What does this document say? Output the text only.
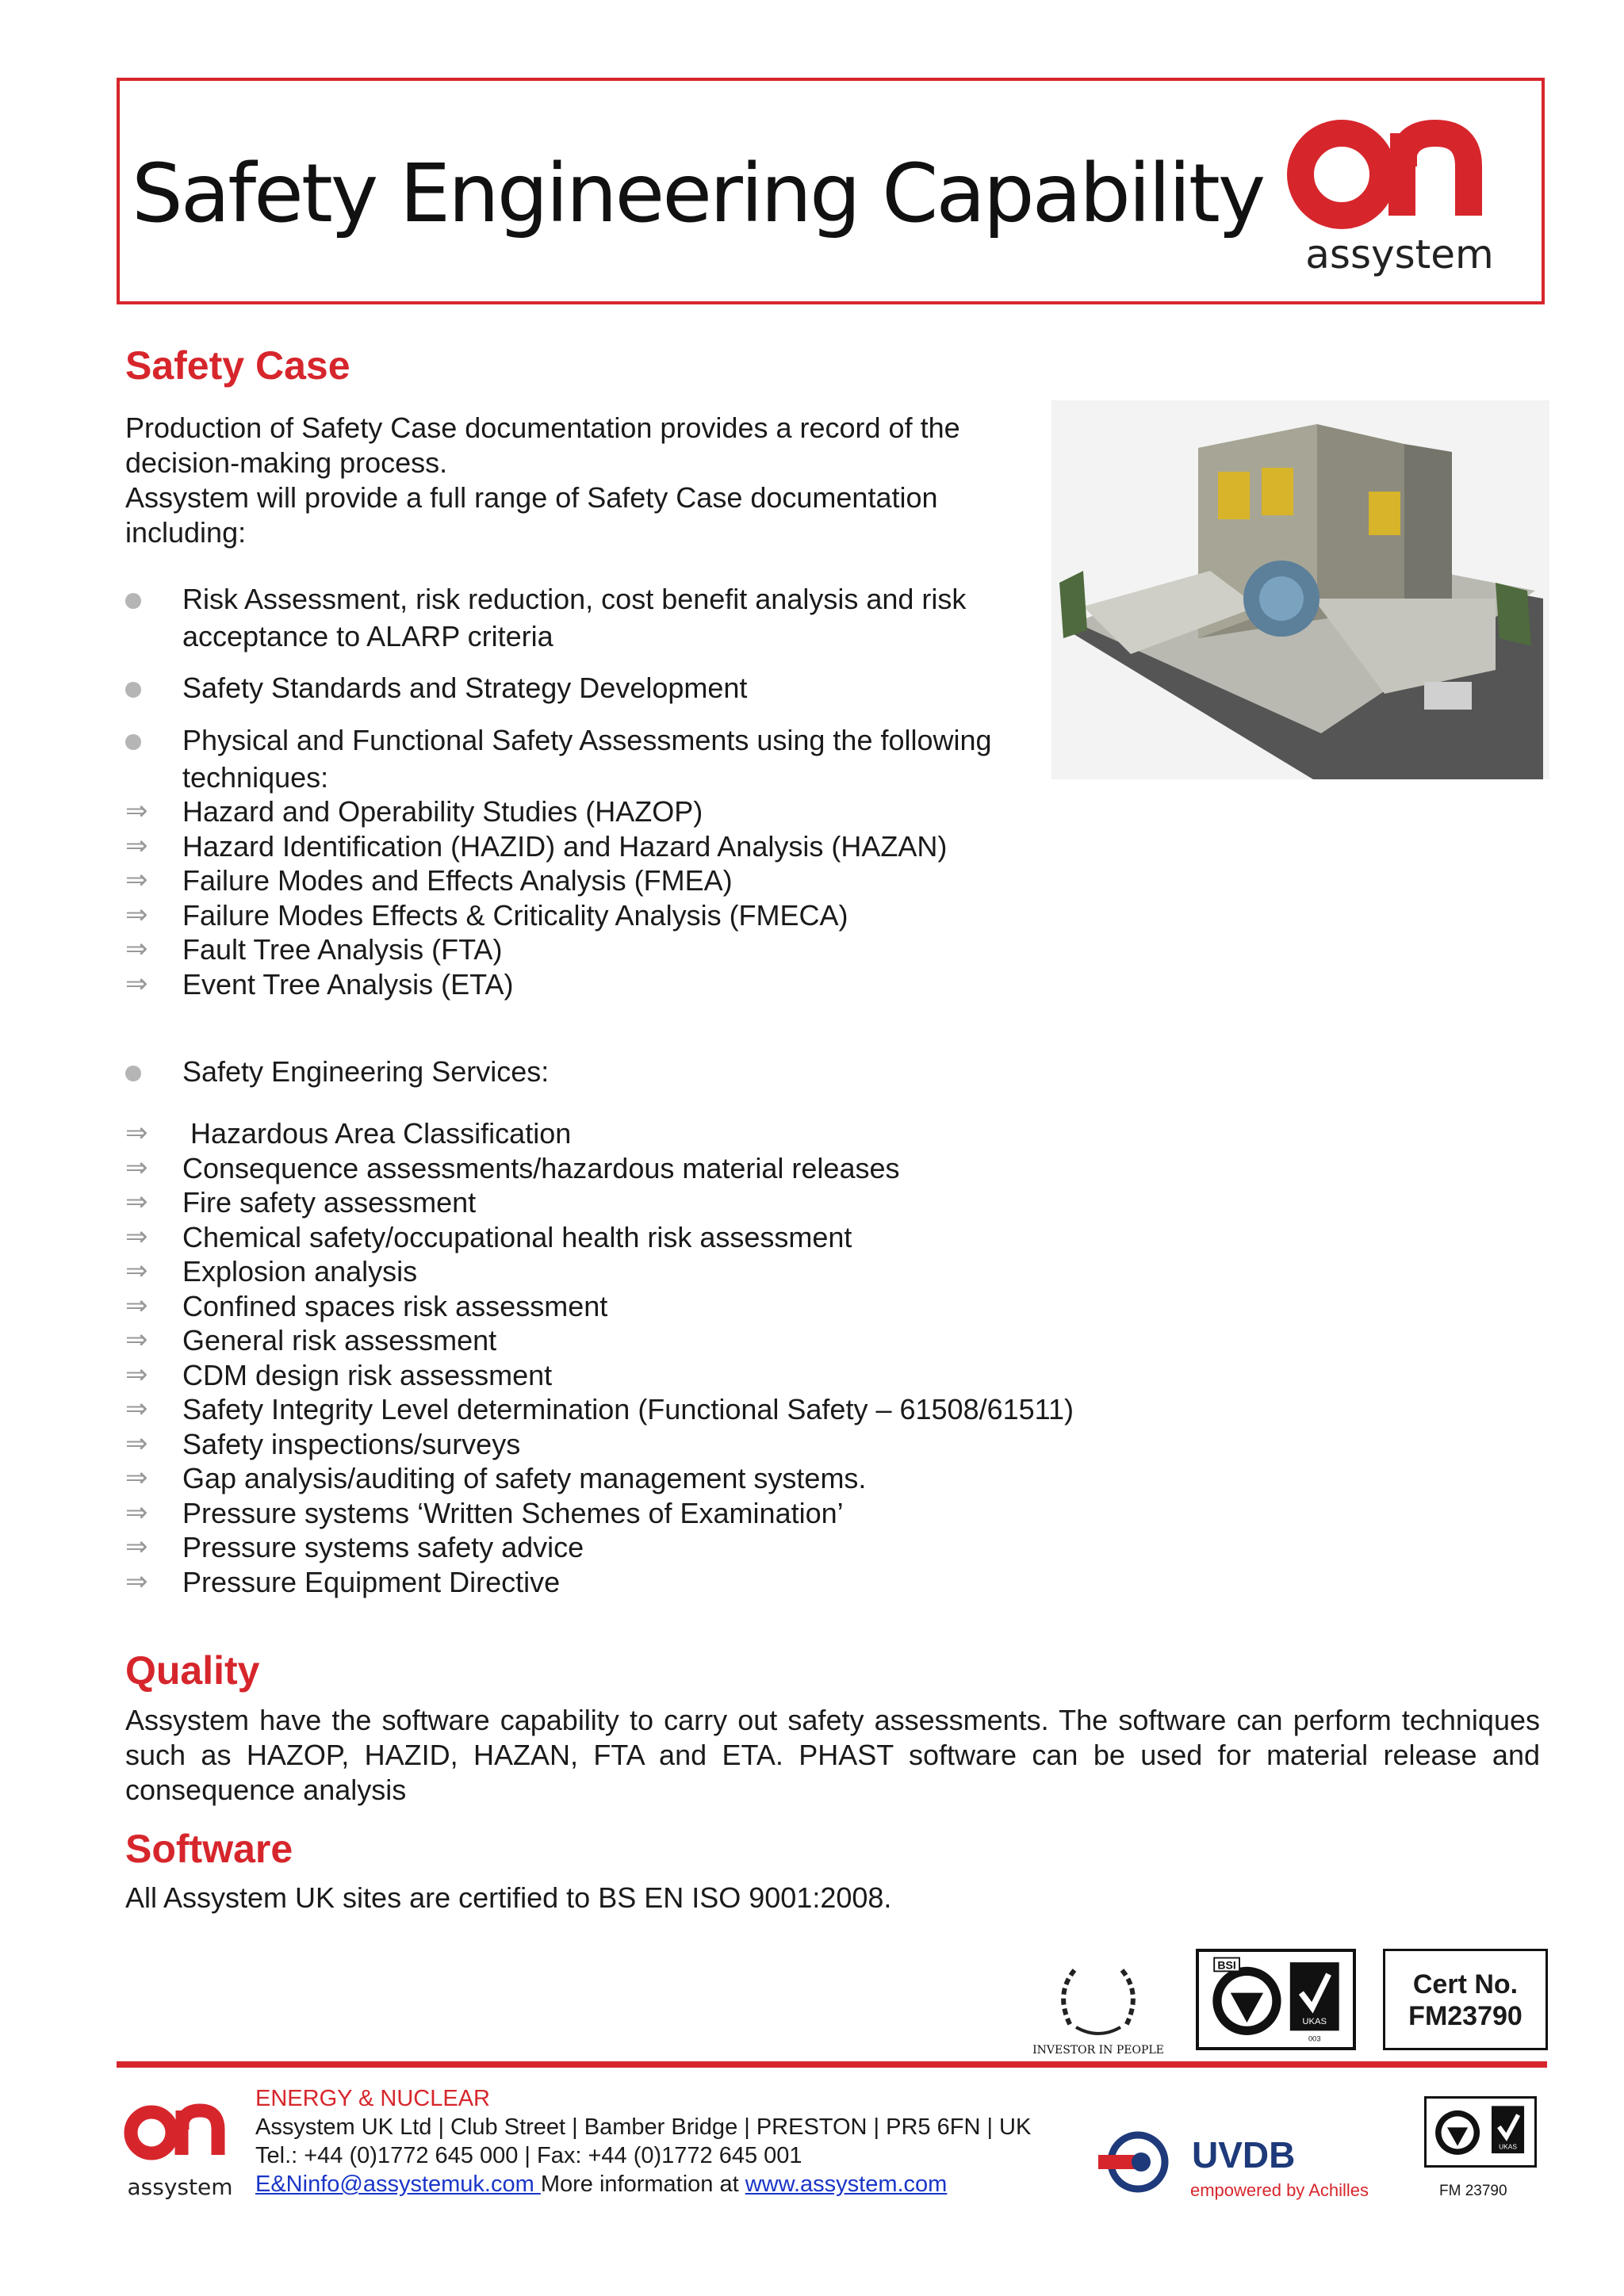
Safety Engineering Capability
assystem
Safety Case
Production of Safety Case documentation provides a record of the
decision-making process.
Assystem will provide a full range of Safety Case documentation
including:
Risk Assessment, risk reduction, cost benefit analysis and risk
acceptance to ALARP criteria
Safety Standards and Strategy Development
Physical and Functional Safety Assessments using the following
techniques:
⇒	Hazard and Operability Studies (HAZOP)
⇒	Hazard Identification (HAZID) and Hazard Analysis (HAZAN)
⇒	Failure Modes and Effects Analysis (FMEA)
⇒	Failure Modes Effects & Criticality Analysis (FMECA)
⇒	Fault Tree Analysis (FTA)
⇒	Event Tree Analysis (ETA)
Safety Engineering Services:
⇒	Hazardous Area Classification
⇒	Consequence assessments/hazardous material releases
⇒	Fire safety assessment
⇒	Chemical safety/occupational health risk assessment
⇒	Explosion analysis
⇒	Confined spaces risk assessment
⇒	General risk assessment
⇒	CDM design risk assessment
⇒	Safety Integrity Level determination (Functional Safety – 61508/61511)
⇒	Safety inspections/surveys
⇒	Gap analysis/auditing of safety management systems.
⇒	Pressure systems ‘Written Schemes of Examination’
⇒	Pressure systems safety advice
⇒	Pressure Equipment Directive
Quality
Assystem have the software capability to carry out safety assessments. The software can perform techniques such as HAZOP, HAZID, HAZAN, FTA and ETA. PHAST software can be used for material release and consequence analysis
Software
All Assystem UK sites are certified to BS EN ISO 9001:2008.
INVESTOR IN PEOPLE
BSI
UKAS
003
Cert No.
FM23790
assystem
ENERGY & NUCLEAR
Assystem UK Ltd | Club Street | Bamber Bridge | PRESTON | PR5 6FN | UK
Tel.: +44 (0)1772 645 000 | Fax: +44 (0)1772 645 001
E&Ninfo@assystemuk.com More information at www.assystem.com
UVDB
empowered by Achilles
UKAS
FM 23790
